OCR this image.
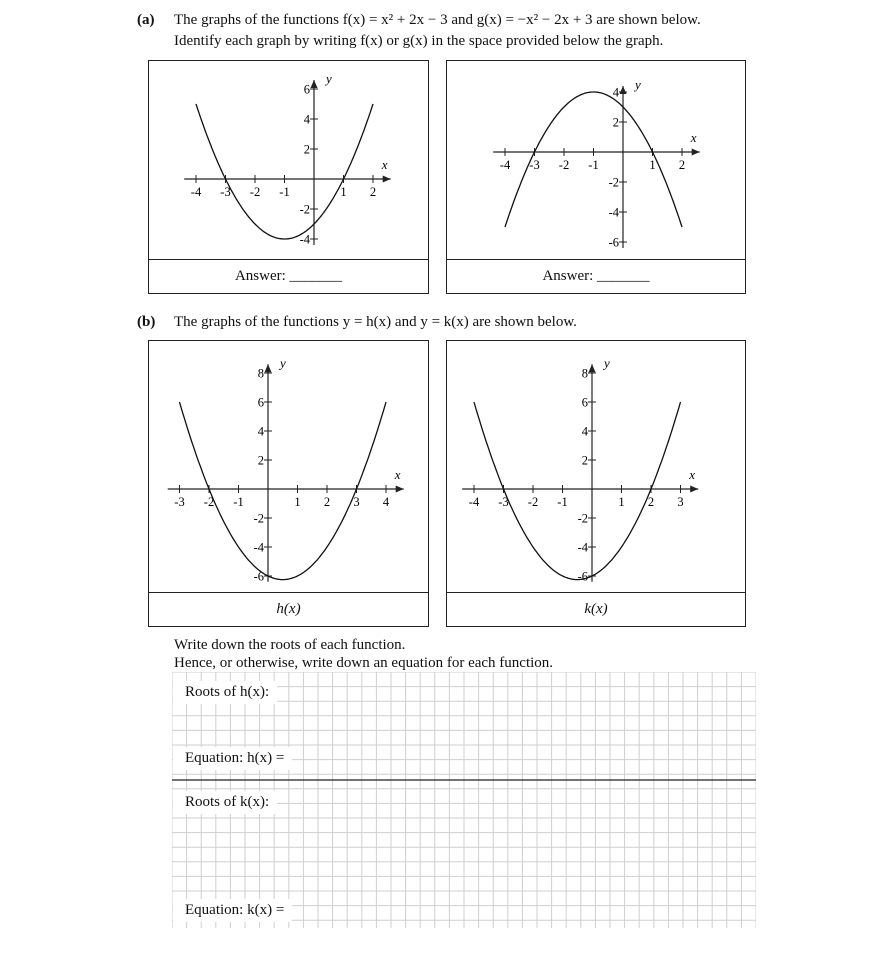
(a) The graphs of the functions f(x) = x² + 2x − 3 and g(x) = −x² − 2x + 3 are shown below.
Identify each graph by writing f(x) or g(x) in the space provided below the graph.
x
y
-4 -3 -2 -1	1 2
6
4
2
-2
-4
Answer: _______
x
y
-4 -3 -2 -1	1 2
4
2
-2
-4
-6
Answer: _______
(b) The graphs of the functions y = h(x) and y = k(x) are shown below.
x
y
-3 -2 -1	1 2 3 4
8
6
4
2
-2
-4
-6
h(x)
x
y
-4 -3 -2 -1	1 2 3
8
6
4
2
-2
-4
-6
k(x)
Write down the roots of each function.
Hence, or otherwise, write down an equation for each function.
Roots of h(x):
Equation: h(x) =
Roots of k(x):
Equation: k(x) =
